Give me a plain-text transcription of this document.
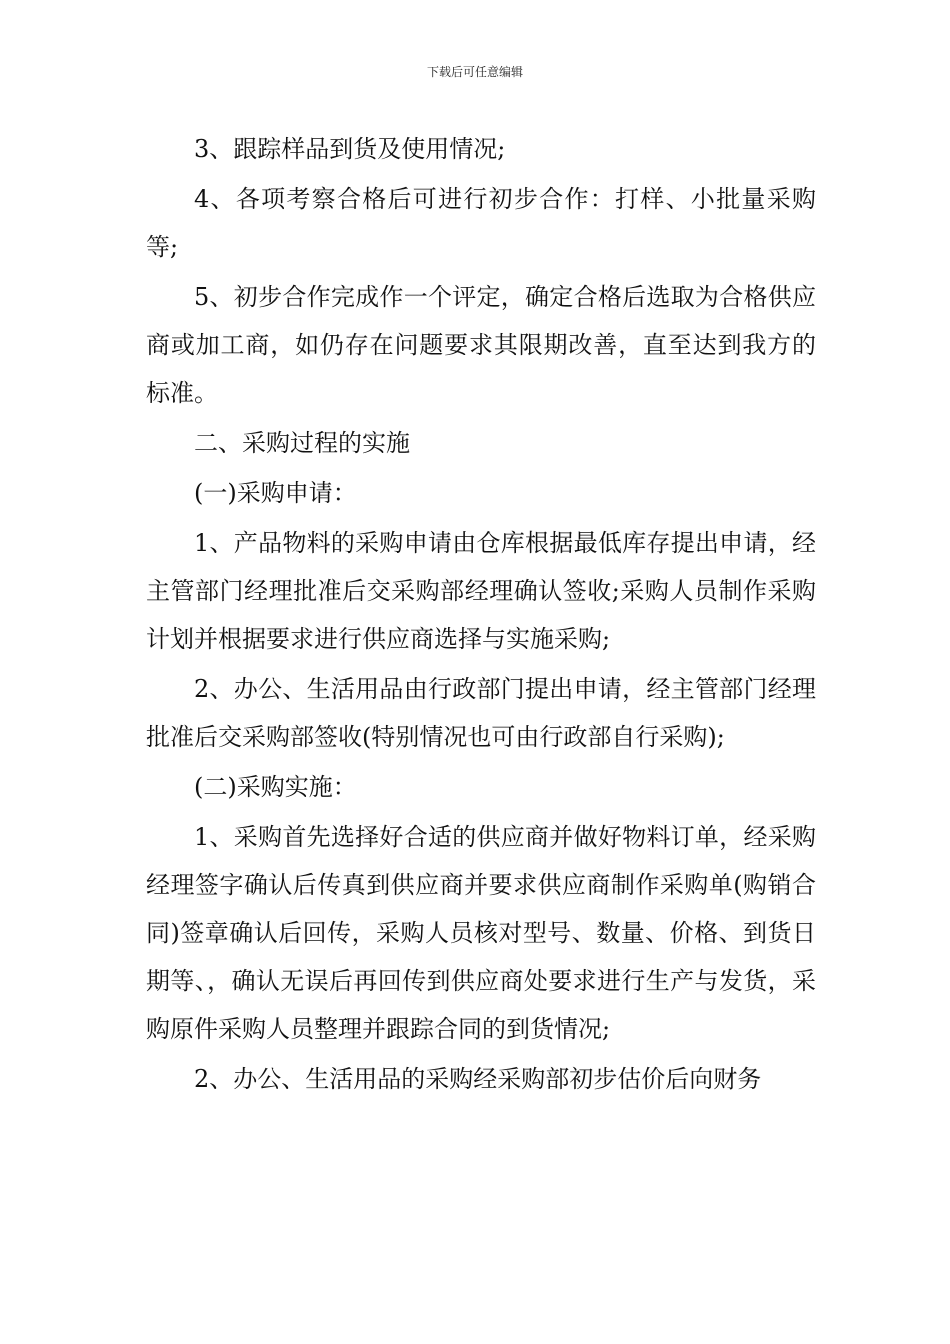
下载后可任意编辑

3、跟踪样品到货及使用情况;

4、各项考察合格后可进行初步合作：打样、小批量采购等;

5、初步合作完成作一个评定，确定合格后选取为合格供应商或加工商，如仍存在问题要求其限期改善，直至达到我方的标准。

二、采购过程的实施

(一)采购申请：

1、产品物料的采购申请由仓库根据最低库存提出申请，经主管部门经理批准后交采购部经理确认签收;采购人员制作采购计划并根据要求进行供应商选择与实施采购;

2、办公、生活用品由行政部门提出申请，经主管部门经理批准后交采购部签收(特别情况也可由行政部自行采购);

(二)采购实施：

1、采购首先选择好合适的供应商并做好物料订单，经采购经理签字确认后传真到供应商并要求供应商制作采购单(购销合同)签章确认后回传，采购人员核对型号、数量、价格、到货日期等、，确认无误后再回传到供应商处要求进行生产与发货，采购原件采购人员整理并跟踪合同的到货情况;

2、办公、生活用品的采购经采购部初步估价后向财务
